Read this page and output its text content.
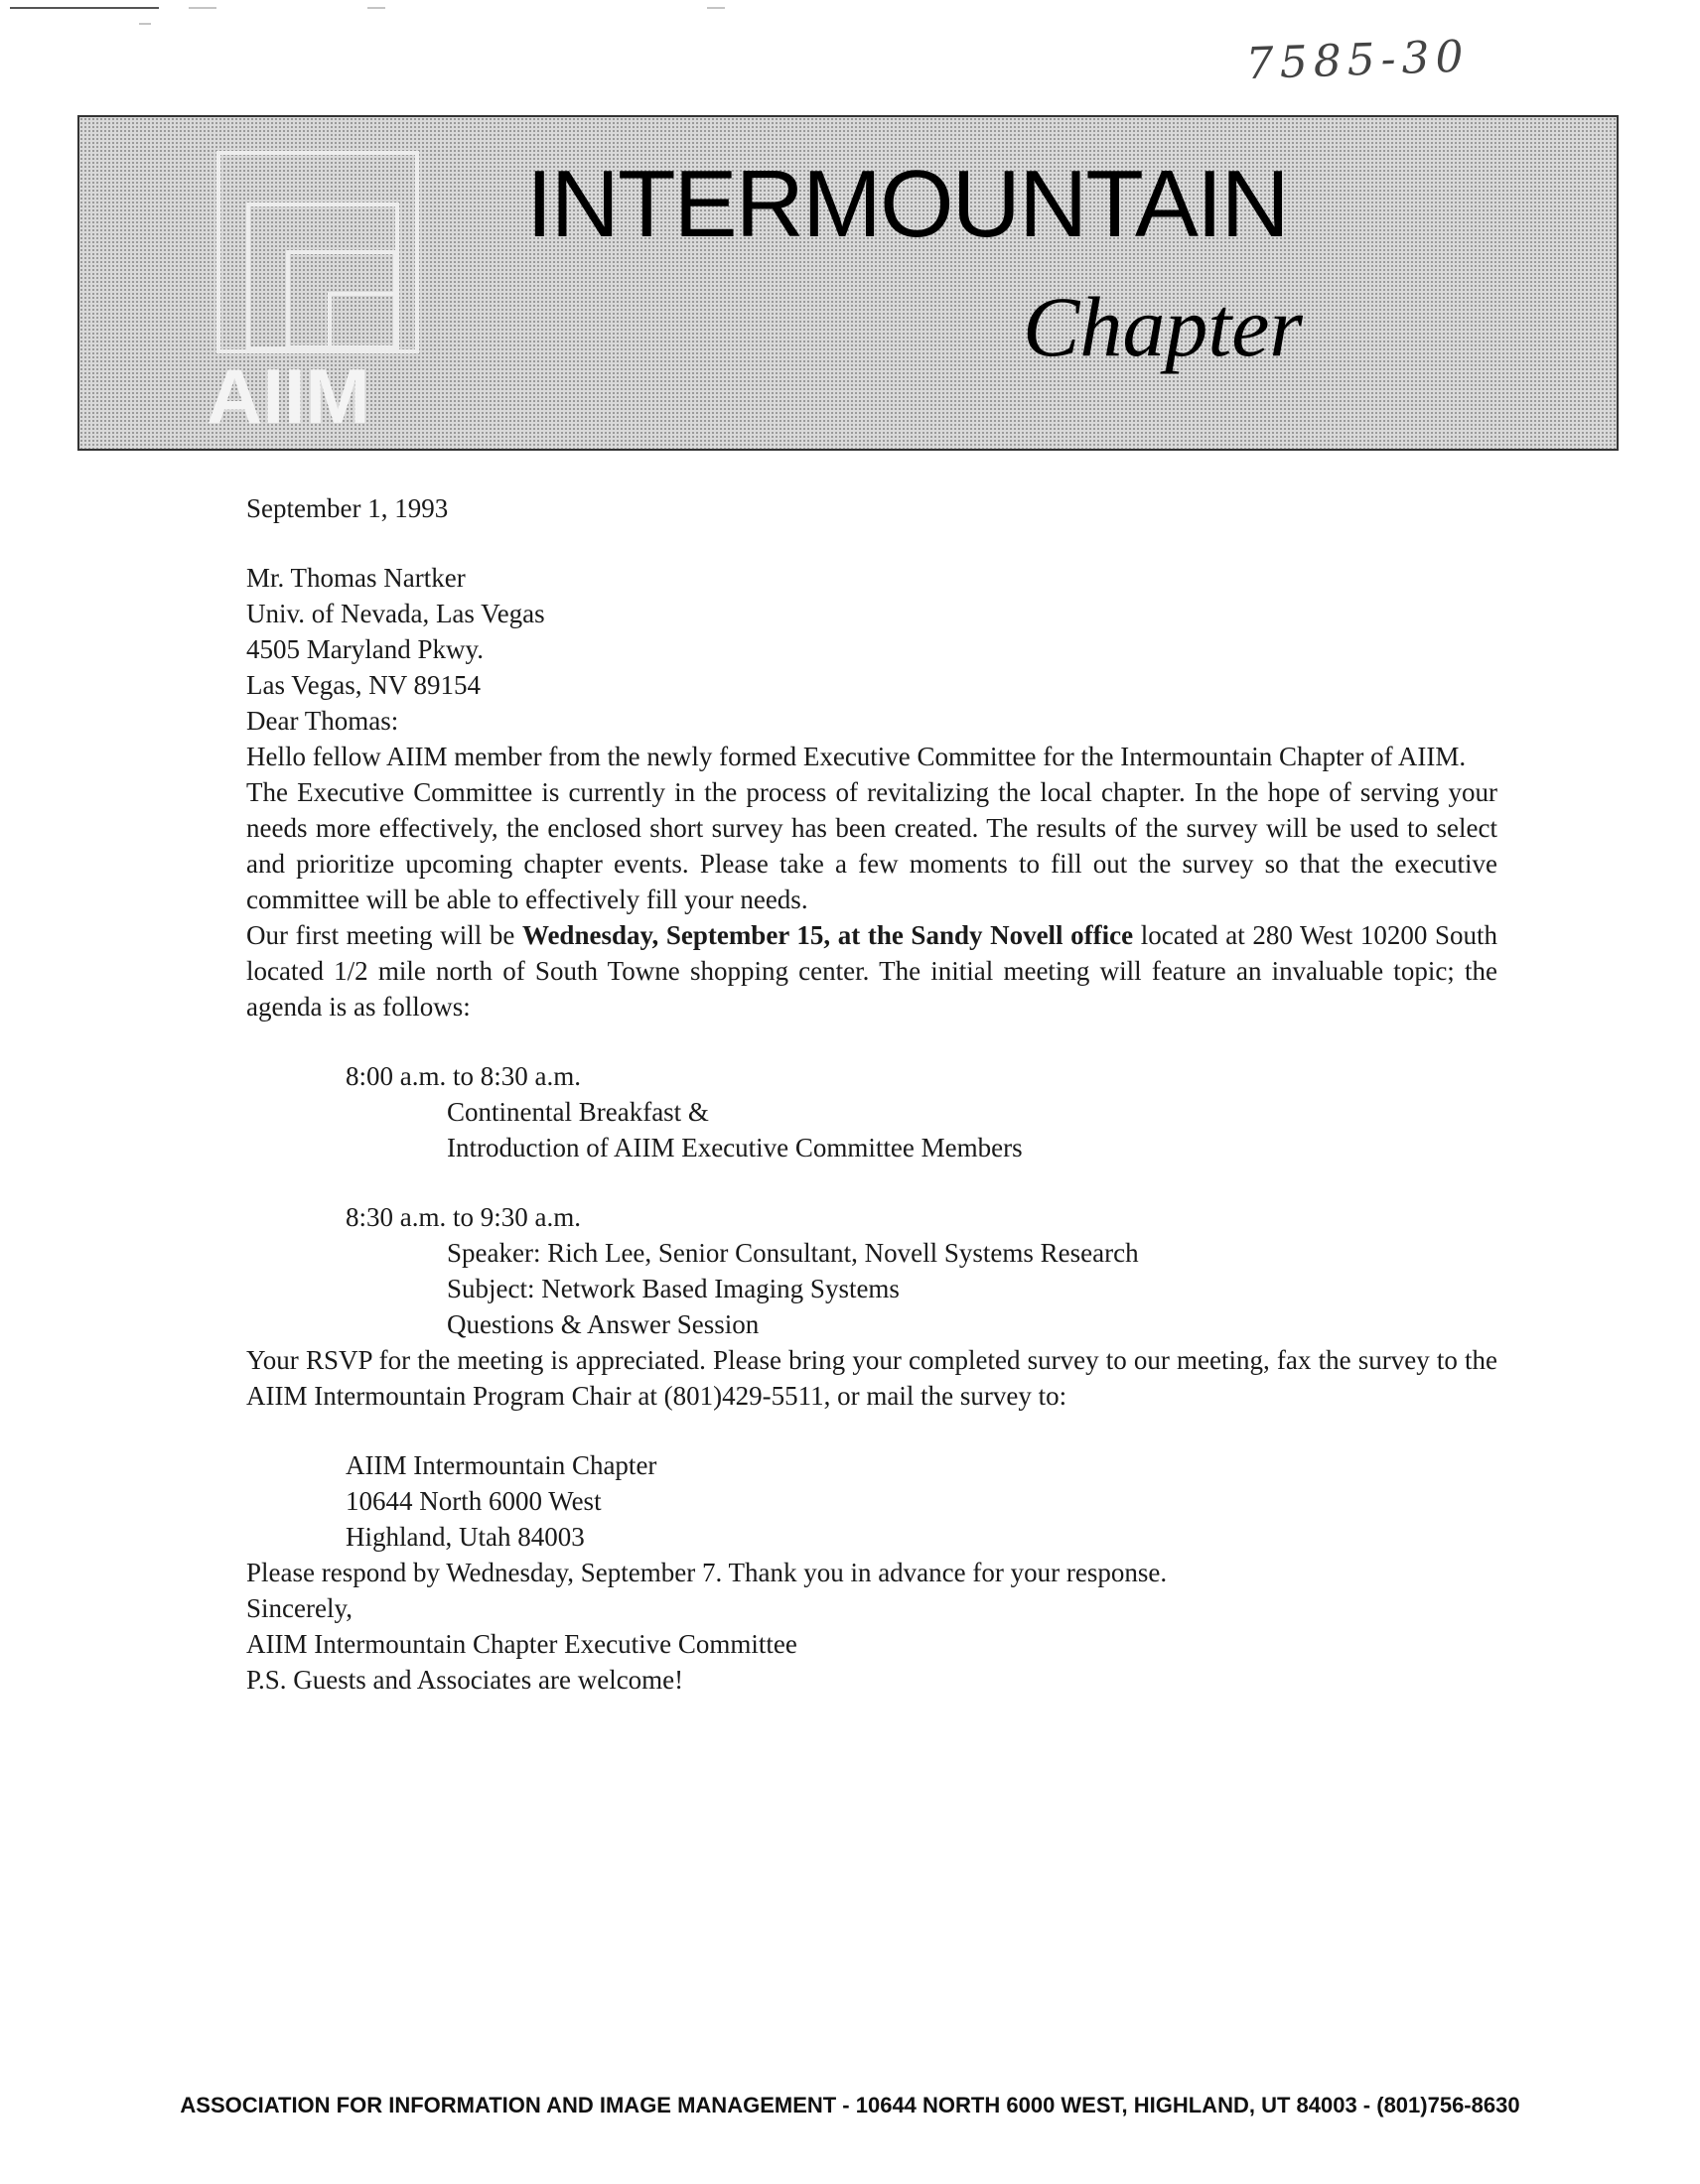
7585-30
AIIM
INTERMOUNTAIN
Chapter

September 1, 1993

Mr. Thomas Nartker
Univ. of Nevada, Las Vegas
4505 Maryland Pkwy.
Las Vegas, NV 89154

Dear Thomas:

Hello fellow AIIM member from the newly formed Executive Committee for the Intermountain Chapter of AIIM.

The Executive Committee is currently in the process of revitalizing the local chapter. In the hope of serving your needs more effectively, the enclosed short survey has been created. The results of the survey will be used to select and prioritize upcoming chapter events. Please take a few moments to fill out the survey so that the executive committee will be able to effectively fill your needs.

Our first meeting will be Wednesday, September 15, at the Sandy Novell office located at 280 West 10200 South located 1/2 mile north of South Towne shopping center. The initial meeting will feature an invaluable topic; the agenda is as follows:

8:00 a.m. to 8:30 a.m.
Continental Breakfast &
Introduction of AIIM Executive Committee Members
8:30 a.m. to 9:30 a.m.
Speaker: Rich Lee, Senior Consultant, Novell Systems Research
Subject: Network Based Imaging Systems
Questions & Answer Session

Your RSVP for the meeting is appreciated. Please bring your completed survey to our meeting, fax the survey to the AIIM Intermountain Program Chair at (801)429-5511, or mail the survey to:

AIIM Intermountain Chapter
10644 North 6000 West
Highland, Utah 84003

Please respond by Wednesday, September 7. Thank you in advance for your response.

Sincerely,

AIIM Intermountain Chapter Executive Committee

P.S. Guests and Associates are welcome!

ASSOCIATION FOR INFORMATION AND IMAGE MANAGEMENT - 10644 NORTH 6000 WEST, HIGHLAND, UT 84003 - (801)756-8630
